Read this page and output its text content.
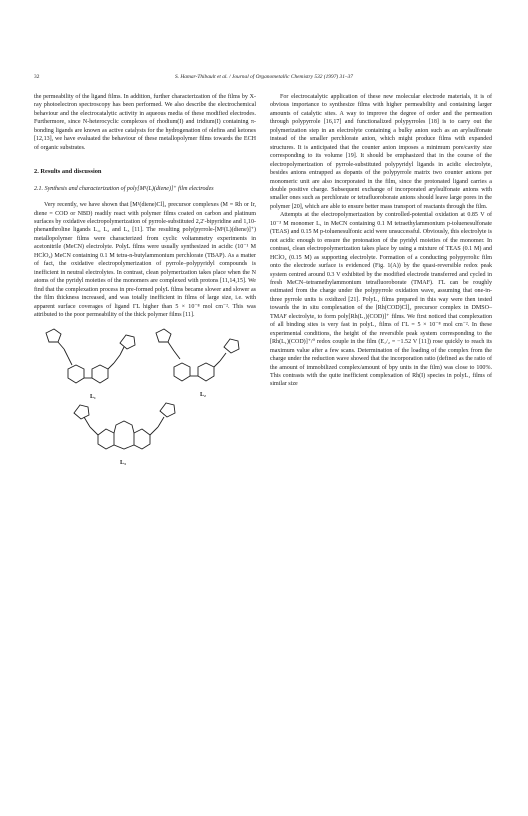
32	S. Hamar-Thibault et al. / Journal of Organometallic Chemistry 532 (1997) 31–37

the permeability of the ligand films. In addition, further characterization of the films by X-ray photoelectron spectroscopy has been performed. We also describe the electrochemical behaviour and the electrocatalytic activity in aqueous media of these modified electrodes. Furthermore, since N-heterocyclic complexes of rhodium(I) and iridium(I) containing π-bonding ligands are known as active catalysts for the hydrogenation of olefins and ketones [12,13], we have evaluated the behaviour of these metallopolymer films towards the ECH of organic substrates.

2. Results and discussion

2.1. Synthesis and characterization of poly[M¹(L)(diene)]⁺ film electrodes

Very recently, we have shown that [M¹(diene)Cl]₂ precursor complexes (M = Rh or Ir, diene = COD or NBD) readily react with polymer films coated on carbon and platinum surfaces by oxidative electropolymerization of pyrrole-substituted 2,2′-bipyridine and 1,10-phenanthroline ligands L₁, L₂ and L₃ [11]. The resulting poly(pyrrole-[M¹(L)(diene)]⁺) metallopolymer films were characterized from cyclic voltammetry experiments in acetonitrile (MeCN) electrolyte. PolyL films were usually synthesized in acidic (10⁻¹ M HClO₄) MeCN containing 0.1 M tetra-n-butylammonium perchlorate (TBAP). As a matter of fact, the oxidative electropolymerization of pyrrole–polypyridyl compounds is inefficient in neutral electrolytes. In contrast, clean polymerization takes place when the N atoms of the pyridyl moieties of the monomers are complexed with protons [11,14,15]. We find that the complexation process in pre-formed polyL films became slower and slower as the film thickness increased, and was totally inefficient in films of large size, i.e. with apparent surface coverages of ligand ΓL higher than 5 × 10⁻⁸ mol cm⁻². This was attributed to the poor permeability of the thick polymer films [11].

L₁	L₂
L₃

For electrocatalytic application of these new molecular electrode materials, it is of obvious importance to synthesize films with higher permeability and containing larger amounts of catalytic sites. A way to improve the degree of order and the permeation through polypyrrole [16,17] and functionalized polypyrroles [18] is to carry out the polymerization step in an electrolyte containing a bulky anion such as an arylsulfonate instead of the smaller perchlorate anion, which might produce films with expanded structures. It is anticipated that the counter anion imposes a minimum pore/cavity size corresponding to its volume [19]. It should be emphasized that in the course of the electropolymerization of pyrrole-substituted polypyridyl ligands in acidic electrolyte, besides anions entrapped as dopants of the polypyrrole matrix two counter anions per monomeric unit are also incorporated in the film, since the protonated ligand carries a double positive charge. Subsequent exchange of incorporated arylsulfonate anions with smaller ones such as perchlorate or tetrafluoroborate anions should leave large pores in the polymer [20], which are able to ensure better mass transport of reactants through the film.

Attempts at the electropolymerization by controlled-potential oxidation at 0.85 V of 10⁻³ M monomer L₁ in MeCN containing 0.1 M tetraethylammonium p-toluenesulfonate (TEAS) and 0.15 M p-toluenesulfonic acid were unsuccessful. Obviously, this electrolyte is not acidic enough to ensure the protonation of the pyridyl moieties of the monomer. In contrast, clean electropolymerization takes place by using a mixture of TEAS (0.1 M) and HClO₄ (0.15 M) as supporting electrolyte. Formation of a conducting polypyrrolic film onto the electrode surface is evidenced (Fig. 1(A)) by the quasi-reversible redox peak system centred around 0.3 V exhibited by the modified electrode transferred and cycled in fresh MeCN–tetramethylammonium tetrafluoroborate (TMAF). ΓL can be roughly estimated from the charge under the polypyrrole oxidation wave, assuming that one-in-three pyrrole units is oxidized [21]. PolyL₁ films prepared in this way were then tested towards the in situ complexation of the [Rh(COD)Cl]₂ precursor complex in DMSO–TMAF electrolyte, to form poly[Rh(L₁)(COD)]⁺ films. We first noticed that complexation of all binding sites is very fast in polyL₁ films of ΓL = 5 × 10⁻⁸ mol cm⁻². In these experimental conditions, the height of the reversible peak system corresponding to the [Rh(L₁)(COD)]⁺/⁰ redox couple in the film (E₁/₂ = −1.52 V [11]) rose quickly to reach its maximum value after a few scans. Determination of the loading of the complex from the charge under the reduction wave showed that the incorporation ratio (defined as the ratio of the amount of immobilized complex/amount of bpy units in the film) was close to 100%. This contrasts with the quite inefficient complexation of Rh(I) species in polyL₁ films of similar size
